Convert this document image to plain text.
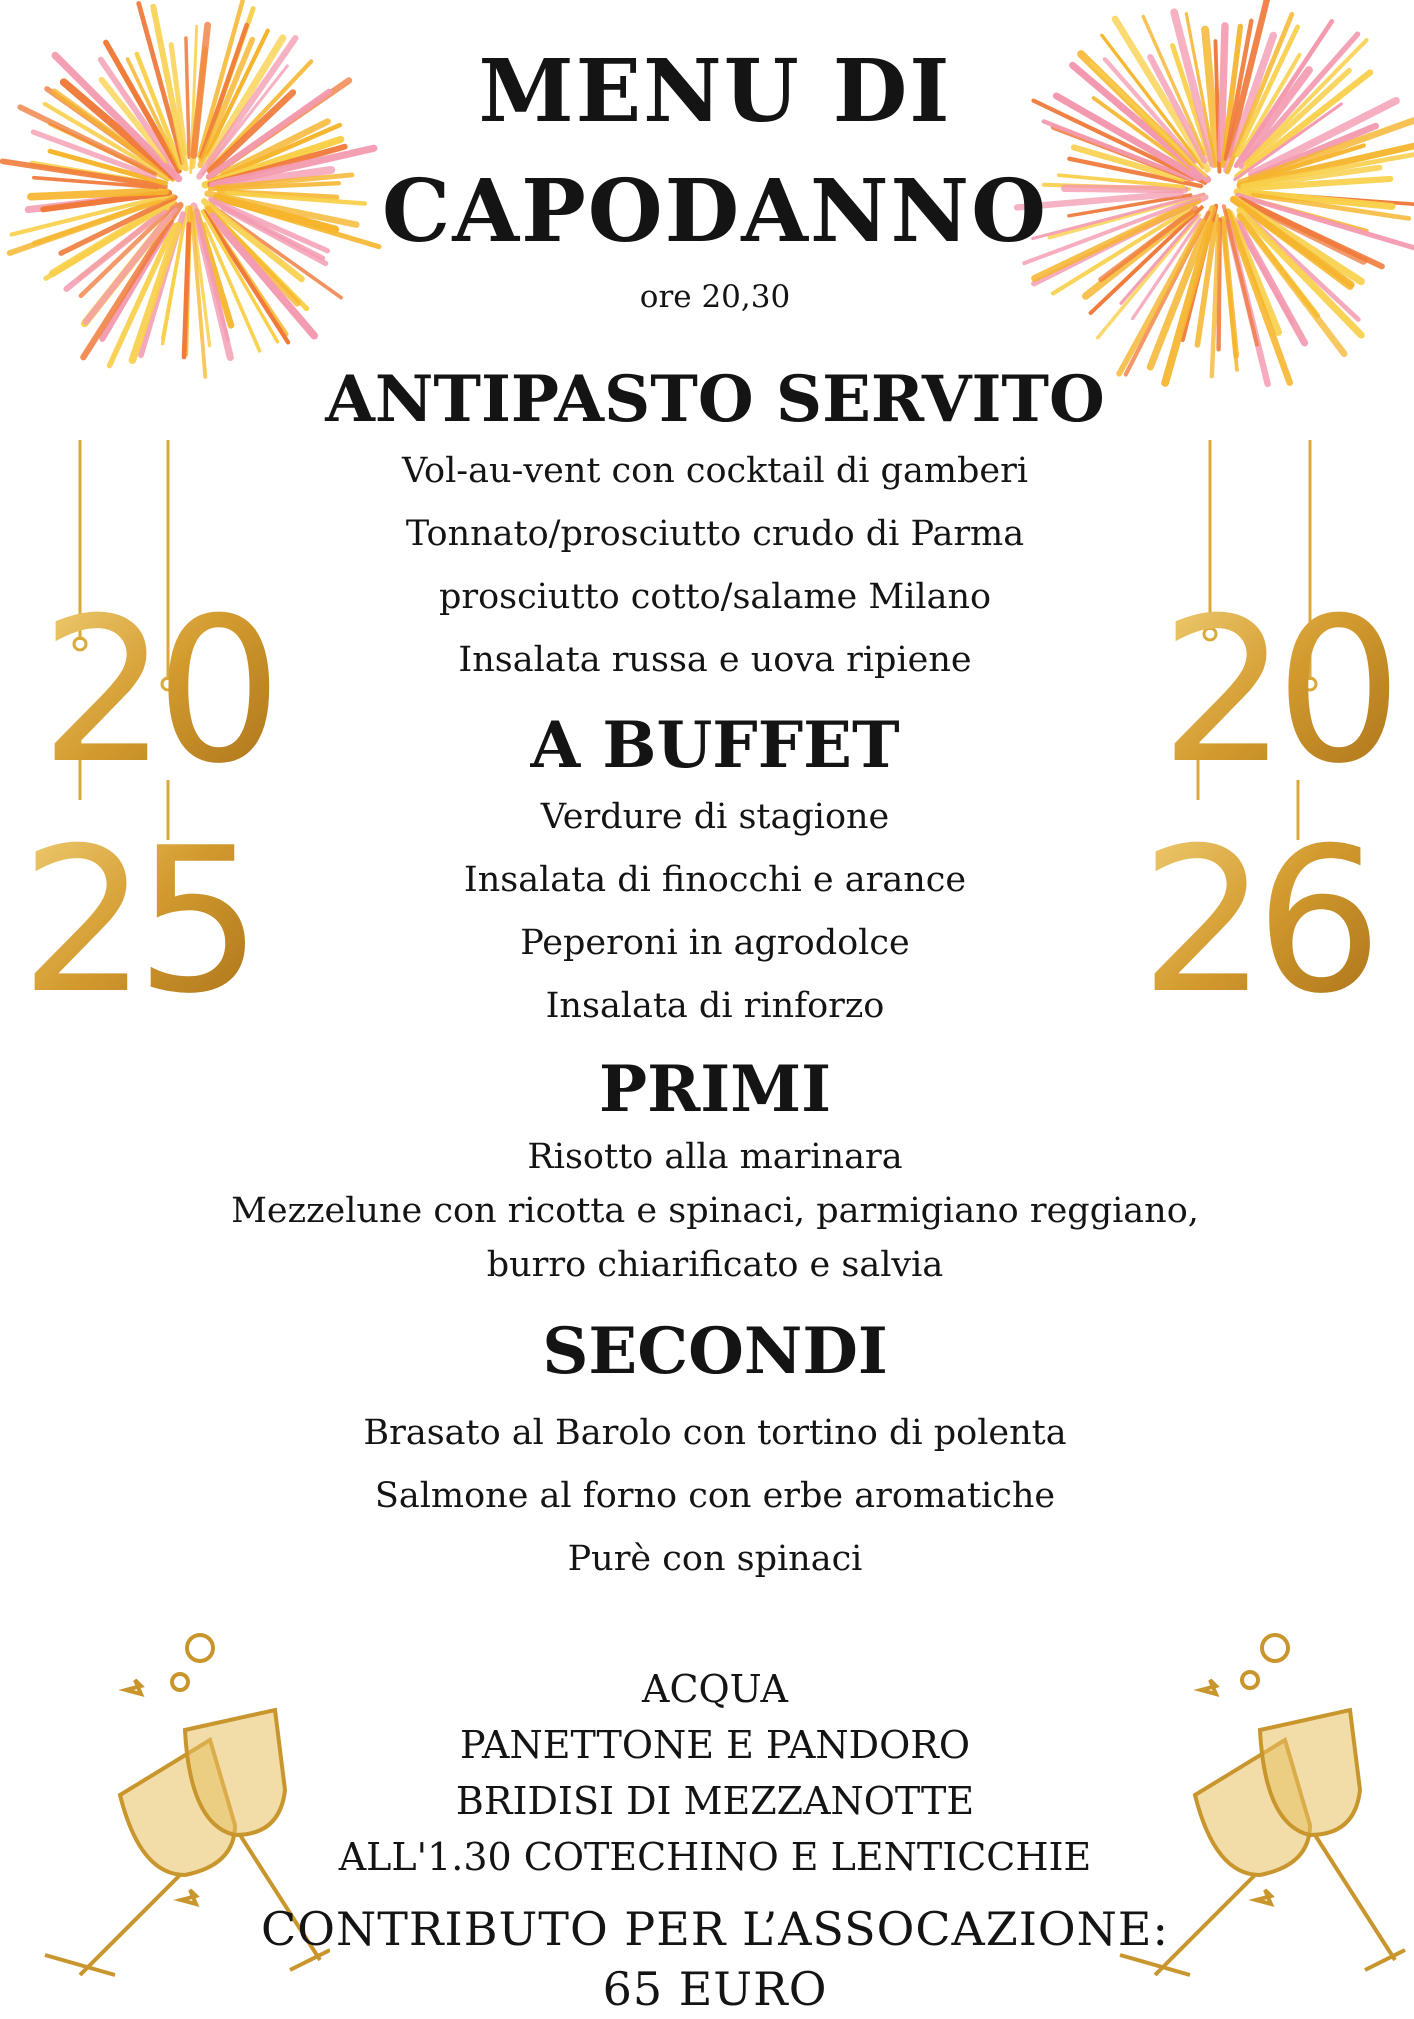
20
25
20
26
MENU DI CAPODANNO
ore 20,30
ANTIPASTO SERVITO
Vol-au-vent con cocktail di gamberi
Tonnato/prosciutto crudo di Parma
prosciutto cotto/salame Milano
Insalata russa e uova ripiene
A BUFFET
Verdure di stagione
Insalata di finocchi e arance
Peperoni in agrodolce
Insalata di rinforzo
PRIMI
Risotto alla marinara
Mezzelune con ricotta e spinaci, parmigiano reggiano,
burro chiarificato e salvia
SECONDI
Brasato al Barolo con tortino di polenta
Salmone al forno con erbe aromatiche
Purè con spinaci
ACQUA
PANETTONE E PANDORO
BRIDISI DI MEZZANOTTE
ALL'1.30 COTECHINO E LENTICCHIE
CONTRIBUTO PER L’ASSOCAZIONE: 65 EURO
